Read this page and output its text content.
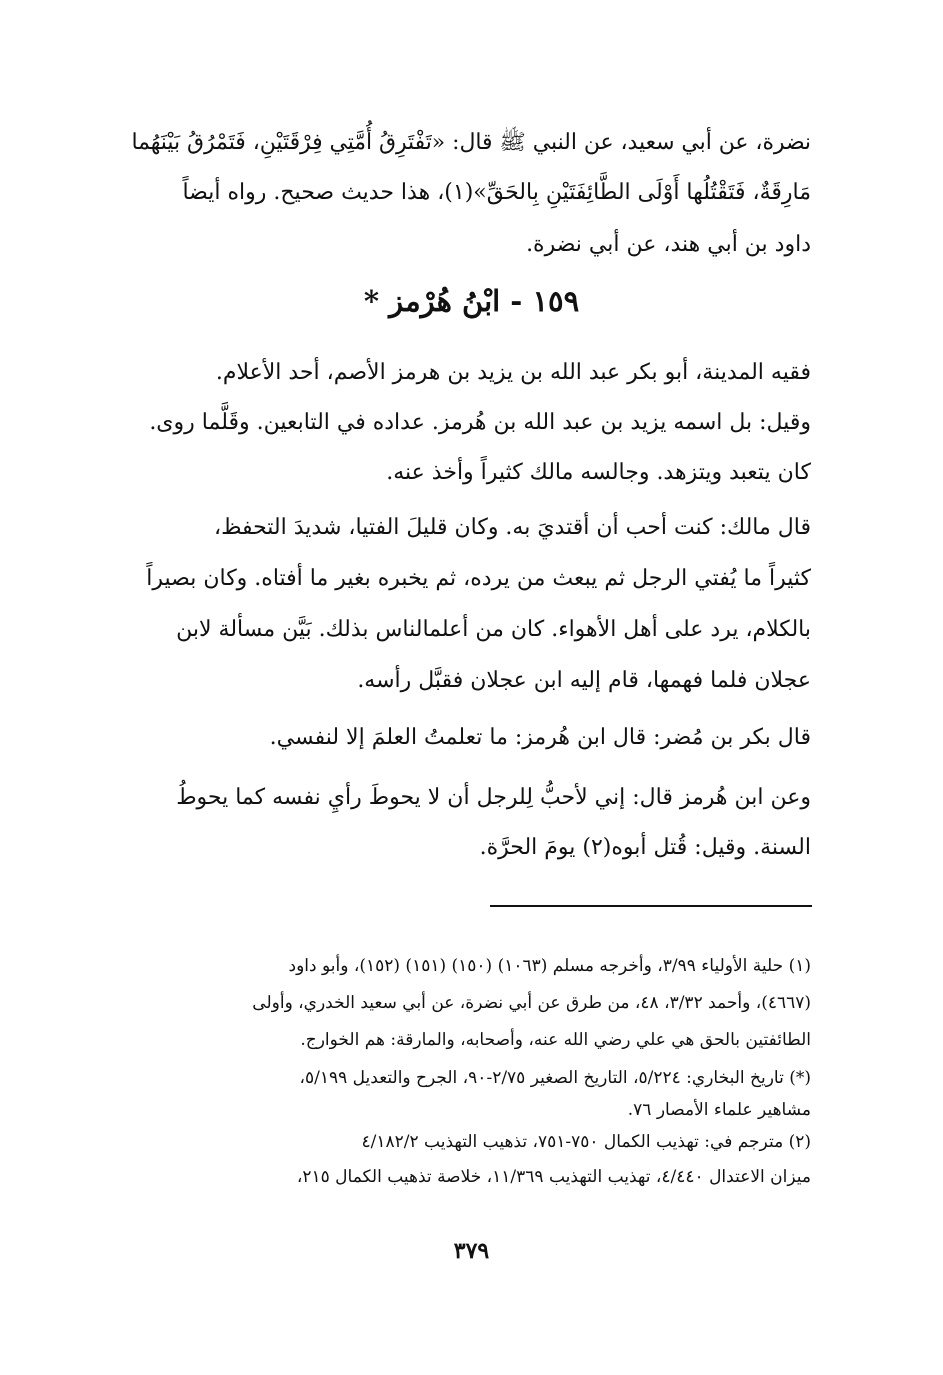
نضرة، عن أبي سعيد، عن النبي ﷺ قال: «تَفْتَرِقُ أُمَّتِي فِرْقَتَيْنِ، فَتَمْرُقُ بَيْنَهُما
مَارِقَةٌ، فَتَقْتُلُها أَوْلَى الطَّائِفَتَيْنِ بِالحَقِّ»(١)، هذا حديث صحيح. رواه أيضاً
داود بن أبي هند، عن أبي نضرة.
١٥٩ - ابْنُ هُرْمز *
فقيه المدينة، أبو بكر عبد الله بن يزيد بن هرمز الأصم، أحد الأعلام.
وقيل: بل اسمه يزيد بن عبد الله بن هُرمز. عداده في التابعين. وقَلَّما روى.
كان يتعبد ويتزهد. وجالسه مالك كثيراً وأخذ عنه.
قال مالك: كنت أحب أن أقتديَ به. وكان قليلَ الفتيا، شديدَ التحفظ،
كثيراً ما يُفتي الرجل ثم يبعث من يرده، ثم يخبره بغير ما أفتاه. وكان بصيراً
بالكلام، يرد على أهل الأهواء. كان من أعلمالناس بذلك. بَيَّن مسألة لابن
عجلان فلما فهمها، قام إليه ابن عجلان فقبَّل رأسه.
قال بكر بن مُضر: قال ابن هُرمز: ما تعلمتُ العلمَ إلا لنفسي.
وعن ابن هُرمز قال: إني لأحبُّ لِلرجل أن لا يحوطَ رأيِ نفسه كما يحوطُ
السنة. وقيل: قُتل أبوه(٢) يومَ الحرَّة.
(١) حلية الأولياء ٣/٩٩، وأخرجه مسلم (١٠٦٣) (١٥٠) (١٥١) (١٥٢)، وأبو داود
(٤٦٦٧)، وأحمد ٣/٣٢، ٤٨، من طرق عن أبي نضرة، عن أبي سعيد الخدري، وأولى
الطائفتين بالحق هي علي رضي الله عنه، وأصحابه، والمارقة: هم الخوارج.
(*) تاريخ البخاري: ٥/٢٢٤، التاريخ الصغير ٢/٧٥-٩٠، الجرح والتعديل ٥/١٩٩،
مشاهير علماء الأمصار ٧٦.
(٢) مترجم في: تهذيب الكمال ٧٥٠-٧٥١، تذهيب التهذيب ٤/١٨٢/٢
ميزان الاعتدال ٤/٤٤٠، تهذيب التهذيب ١١/٣٦٩، خلاصة تذهيب الكمال ٢١٥،
٣٧٩
